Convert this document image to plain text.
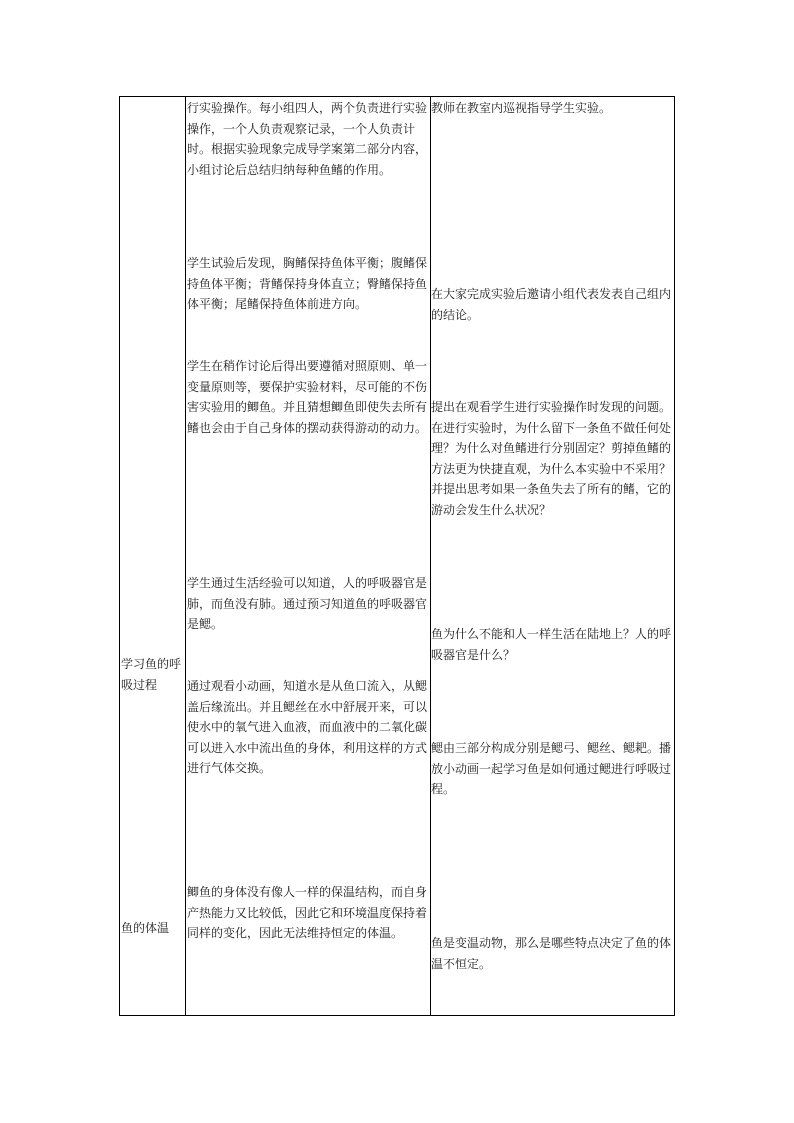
学习鱼的呼吸过程

鱼的体温

行实验操作。每小组四人，两个负责进行实验操作，一个人负责观察记录，一个人负责计时。根据实验现象完成导学案第二部分内容，小组讨论后总结归纳每种鱼鳍的作用。

学生试验后发现，胸鳍保持鱼体平衡；腹鳍保持鱼体平衡；背鳍保持身体直立；臀鳍保持鱼体平衡；尾鳍保持鱼体前进方向。

学生在稍作讨论后得出要遵循对照原则、单一变量原则等，要保护实验材料，尽可能的不伤害实验用的鲫鱼。并且猜想鲫鱼即使失去所有鳍也会由于自己身体的摆动获得游动的动力。

学生通过生活经验可以知道，人的呼吸器官是肺，而鱼没有肺。通过预习知道鱼的呼吸器官是鳃。

通过观看小动画，知道水是从鱼口流入，从鳃盖后缘流出。并且鳃丝在水中舒展开来，可以使水中的氧气进入血液，而血液中的二氧化碳可以进入水中流出鱼的身体，利用这样的方式进行气体交换。

鲫鱼的身体没有像人一样的保温结构，而自身产热能力又比较低，因此它和环境温度保持着同样的变化，因此无法维持恒定的体温。

教师在教室内巡视指导学生实验。

在大家完成实验后邀请小组代表发表自己组内的结论。

提出在观看学生进行实验操作时发现的问题。在进行实验时，为什么留下一条鱼不做任何处理？为什么对鱼鳍进行分别固定？剪掉鱼鳍的方法更为快捷直观，为什么本实验中不采用？并提出思考如果一条鱼失去了所有的鳍，它的游动会发生什么状况？

鱼为什么不能和人一样生活在陆地上？人的呼吸器官是什么？

鳃由三部分构成分别是鳃弓、鳃丝、鳃耙。播放小动画一起学习鱼是如何通过鳃进行呼吸过程。

鱼是变温动物，那么是哪些特点决定了鱼的体温不恒定。
